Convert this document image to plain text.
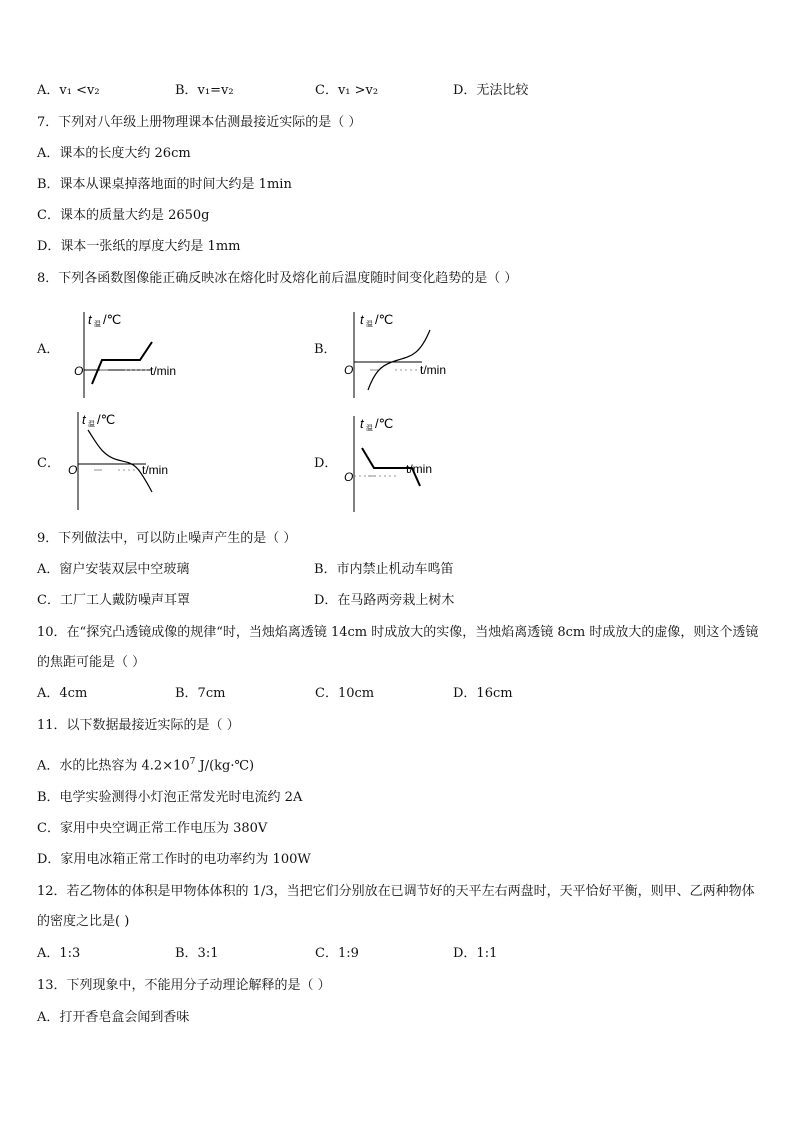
A．v₁ <v₂	B．v₁=v₂	C．v₁ >v₂	D．无法比较
7．下列对八年级上册物理课本估测最接近实际的是（ ）
A．课本的长度大约 26cm
B．课本从课桌掉落地面的时间大约是 1min
C．课本的质量大约是 2650g
D．课本一张纸的厚度大约是 1mm
8．下列各函数图像能正确反映冰在熔化时及熔化前后温度随时间变化趋势的是（ ）
A．	B．
C．	D．
t 温 /℃
O	t/min
t 温 /℃
O	t/min
t 温 /℃
O	t/min
t 温 /℃
O
t/min
9．下列做法中，可以防止噪声产生的是（ ）
A．窗户安装双层中空玻璃	B．市内禁止机动车鸣笛
C．工厂工人戴防噪声耳罩	D．在马路两旁栽上树木
10．在“探究凸透镜成像的规律“时，当烛焰离透镜 14cm 时成放大的实像，当烛焰离透镜 8cm 时成放大的虚像，则这个透镜的焦距可能是（ ）
A．4cm	B．7cm	C．10cm	D．16cm
11．以下数据最接近实际的是（ ）
A．水的比热容为 $4.2\times 10^7$ J/(kg·℃)
B．电学实验测得小灯泡正常发光时电流约 2A
C．家用中央空调正常工作电压为 380V
D．家用电冰箱正常工作时的电功率约为 100W
12．若乙物体的体积是甲物体体积的 1/3，当把它们分别放在已调节好的天平左右两盘时，天平恰好平衡，则甲、乙两种物体的密度之比是( )
A．1:3	B．3:1	C．1:9	D．1:1
13．下列现象中，不能用分子动理论解释的是（ ）
A．打开香皂盒会闻到香味
